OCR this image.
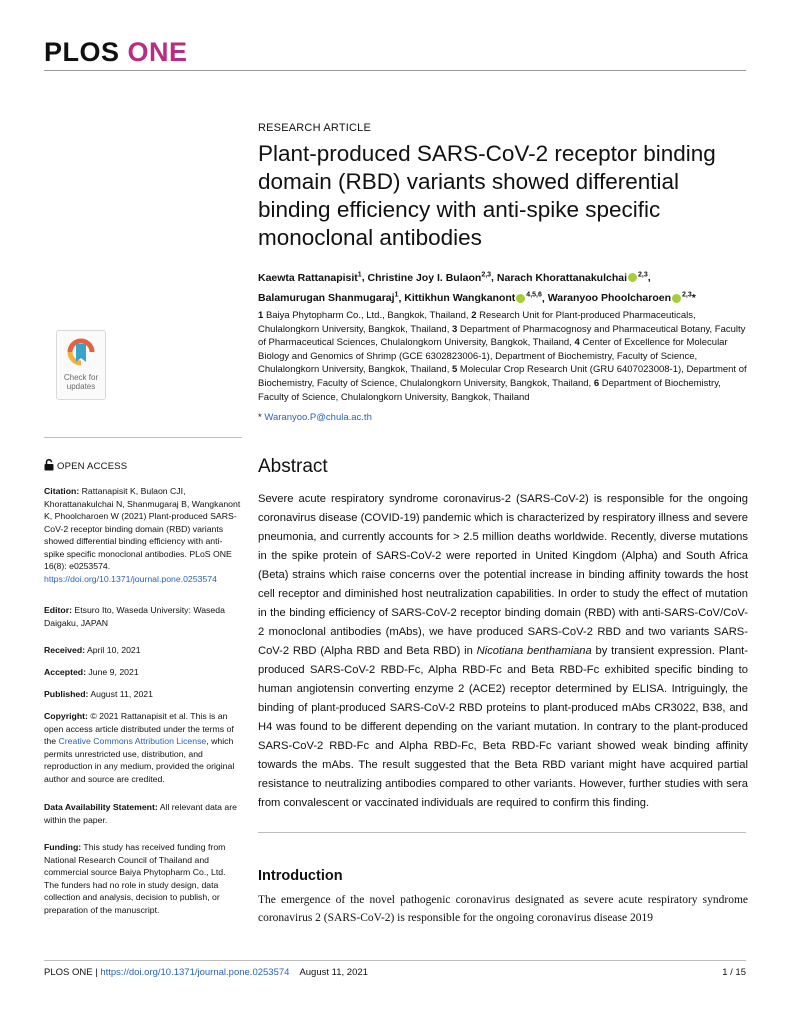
PLOS ONE
Check for
updates
OPEN ACCESS
Citation: Rattanapisit K, Bulaon CJI, Khorattanakulchai N, Shanmugaraj B, Wangkanont K, Phoolcharoen W (2021) Plant-produced SARS-CoV-2 receptor binding domain (RBD) variants showed differential binding efficiency with anti-spike specific monoclonal antibodies. PLoS ONE 16(8): e0253574. https://doi.org/10.1371/journal.pone.0253574
Editor: Etsuro Ito, Waseda University: Waseda Daigaku, JAPAN
Received: April 10, 2021
Accepted: June 9, 2021
Published: August 11, 2021
Copyright: © 2021 Rattanapisit et al. This is an open access article distributed under the terms of the Creative Commons Attribution License, which permits unrestricted use, distribution, and reproduction in any medium, provided the original author and source are credited.
Data Availability Statement: All relevant data are within the paper.
Funding: This study has received funding from National Research Council of Thailand and commercial source Baiya Phytopharm Co., Ltd. The funders had no role in study design, data collection and analysis, decision to publish, or preparation of the manuscript.
RESEARCH ARTICLE
Plant-produced SARS-CoV-2 receptor binding domain (RBD) variants showed differential binding efficiency with anti-spike specific monoclonal antibodies
Kaewta Rattanapisit$^1$, Christine Joy I. Bulaon$^{2,3}$, Narach Khorattanakulchai $^{2,3}$,
Balamurugan Shanmugaraj$^1$, Kittikhun Wangkanont $^{4,5,6}$, Waranyoo Phoolcharoen $^{2,3}$*
1 Baiya Phytopharm Co., Ltd., Bangkok, Thailand, 2 Research Unit for Plant-produced Pharmaceuticals, Chulalongkorn University, Bangkok, Thailand, 3 Department of Pharmacognosy and Pharmaceutical Botany, Faculty of Pharmaceutical Sciences, Chulalongkorn University, Bangkok, Thailand, 4 Center of Excellence for Molecular Biology and Genomics of Shrimp (GCE 6302823006-1), Department of Biochemistry, Faculty of Science, Chulalongkorn University, Bangkok, Thailand, 5 Molecular Crop Research Unit (GRU 6407023008-1), Department of Biochemistry, Faculty of Science, Chulalongkorn University, Bangkok, Thailand, 6 Department of Biochemistry, Faculty of Science, Chulalongkorn University, Bangkok, Thailand
* Waranyoo.P@chula.ac.th
Abstract
Severe acute respiratory syndrome coronavirus-2 (SARS-CoV-2) is responsible for the ongoing coronavirus disease (COVID-19) pandemic which is characterized by respiratory illness and severe pneumonia, and currently accounts for > 2.5 million deaths worldwide. Recently, diverse mutations in the spike protein of SARS-CoV-2 were reported in United Kingdom (Alpha) and South Africa (Beta) strains which raise concerns over the potential increase in binding affinity towards the host cell receptor and diminished host neutralization capabilities. In order to study the effect of mutation in the binding efficiency of SARS-CoV-2 receptor binding domain (RBD) with anti-SARS-CoV/CoV-2 monoclonal antibodies (mAbs), we have produced SARS-CoV-2 RBD and two variants SARS-CoV-2 RBD (Alpha RBD and Beta RBD) in Nicotiana benthamiana by transient expression. Plant-produced SARS-CoV-2 RBD-Fc, Alpha RBD-Fc and Beta RBD-Fc exhibited specific binding to human angiotensin converting enzyme 2 (ACE2) receptor determined by ELISA. Intriguingly, the binding of plant-produced SARS-CoV-2 RBD proteins to plant-produced mAbs CR3022, B38, and H4 was found to be different depending on the variant mutation. In contrary to the plant-produced SARS-CoV-2 RBD-Fc and Alpha RBD-Fc, Beta RBD-Fc variant showed weak binding affinity towards the mAbs. The result suggested that the Beta RBD variant might have acquired partial resistance to neutralizing antibodies compared to other variants. However, further studies with sera from convalescent or vaccinated individuals are required to confirm this finding.
Introduction
The emergence of the novel pathogenic coronavirus designated as severe acute respiratory syndrome coronavirus 2 (SARS-CoV-2) is responsible for the ongoing coronavirus disease 2019
PLOS ONE | https://doi.org/10.1371/journal.pone.0253574 August 11, 2021	1 / 15
